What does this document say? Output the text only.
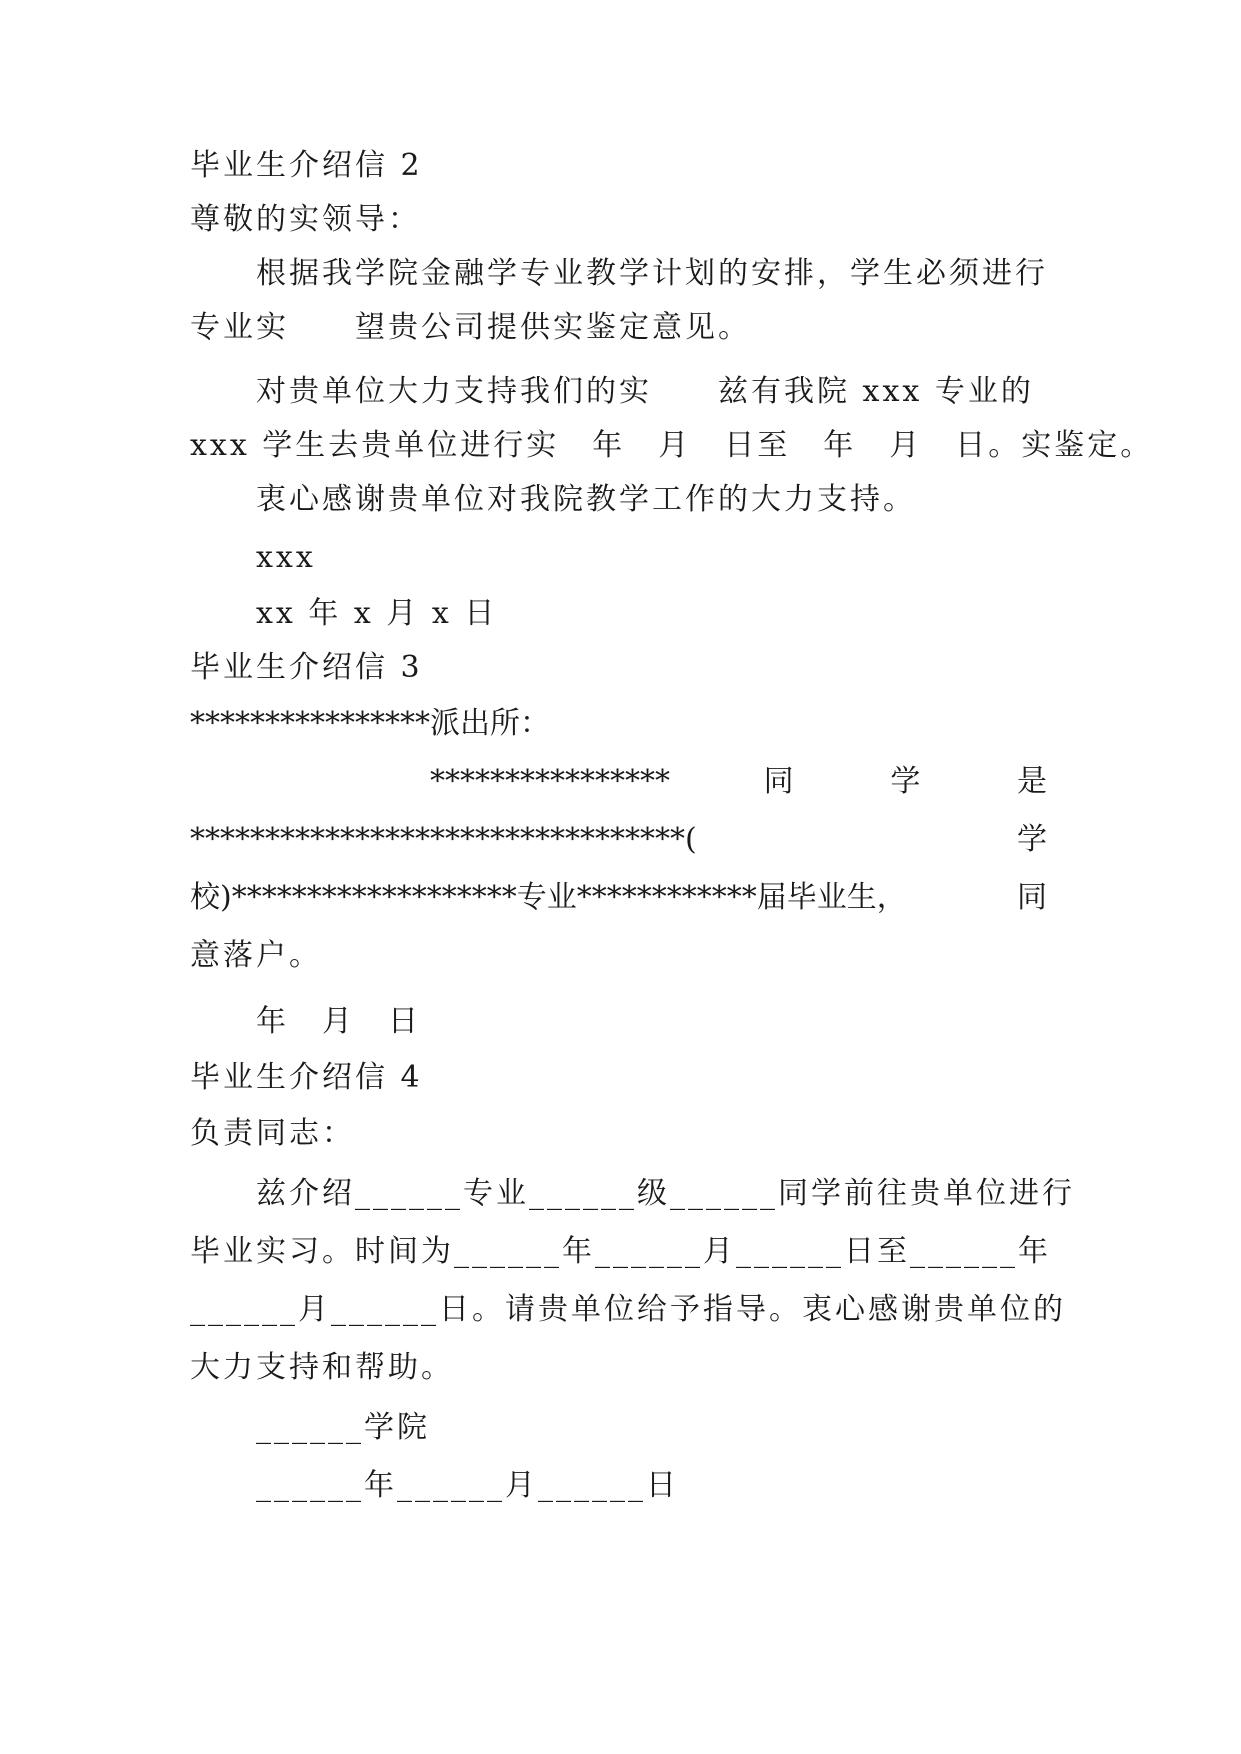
毕业生介绍信 2
尊敬的实领导：
根据我学院金融学专业教学计划的安排，学生必须进行
专业实　　望贵公司提供实鉴定意见。
对贵单位大力支持我们的实　　兹有我院 xxx 专业的
xxx 学生去贵单位进行实　年　月　日至　年　月　日。实鉴定。
衷心感谢贵单位对我院教学工作的大力支持。
xxx
xx 年 x 月 x 日
毕业生介绍信 3
****************派出所：
****************	同	学	是
*********************************(	学
校)*******************专业************届毕业生，	同
意落户。
年　月　日
毕业生介绍信 4
负责同志：
兹介绍______专业______级______同学前往贵单位进行
毕业实习。时间为______年______月______日至______年
______月______日。请贵单位给予指导。衷心感谢贵单位的
大力支持和帮助。
______学院
______年______月______日
